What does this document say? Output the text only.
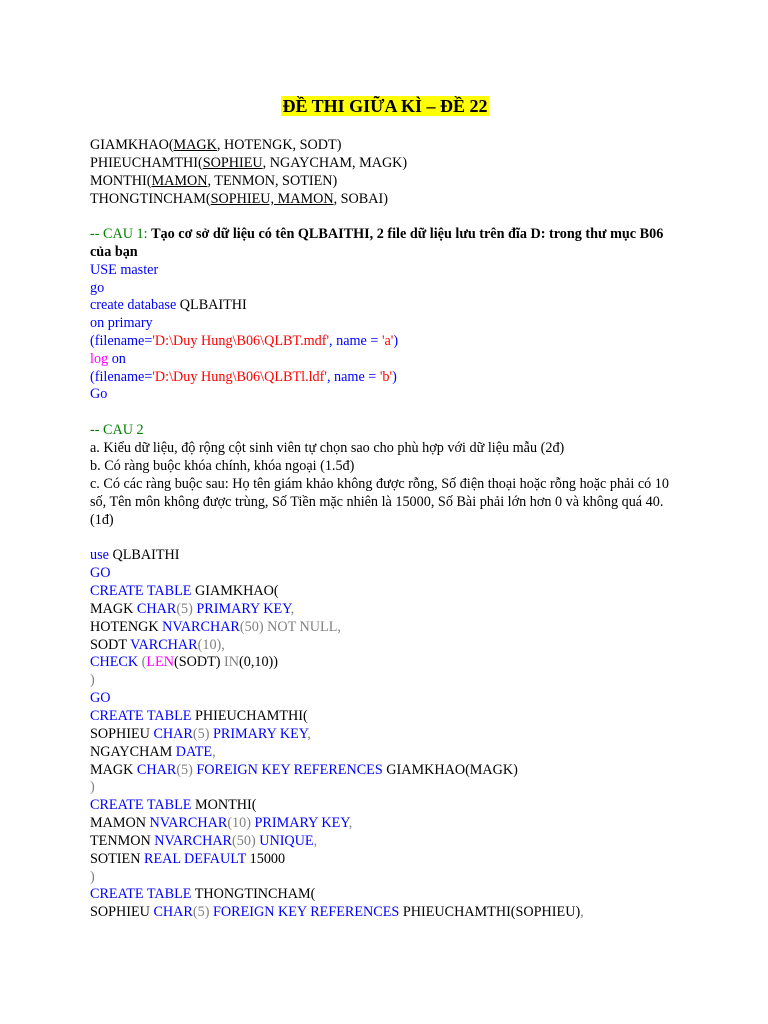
ĐỀ THI GIỮA KÌ – ĐỀ 22
GIAMKHAO(MAGK, HOTENGK, SODT)
PHIEUCHAMTHI(SOPHIEU, NGAYCHAM, MAGK)
MONTHI(MAMON, TENMON, SOTIEN)
THONGTINCHAM(SOPHIEU, MAMON, SOBAI)
-- CAU 1: Tạo cơ sở dữ liệu có tên QLBAITHI, 2 file dữ liệu lưu trên đĩa D: trong thư mục B06 của bạn
USE master
go
create database QLBAITHI
on primary
(filename='D:\Duy Hung\B06\QLBT.mdf', name = 'a')
log on
(filename='D:\Duy Hung\B06\QLBTl.ldf', name = 'b')
Go
-- CAU 2
a. Kiểu dữ liệu, độ rộng cột sinh viên tự chọn sao cho phù hợp với dữ liệu mẫu (2đ)
b. Có ràng buộc khóa chính, khóa ngoại (1.5đ)
c. Có các ràng buộc sau: Họ tên giám khảo không được rỗng, Số điện thoại hoặc rỗng hoặc phải có 10 số, Tên môn không được trùng, Số Tiền mặc nhiên là 15000, Số Bài phải lớn hơn 0 và không quá 40. (1đ)
use QLBAITHI
GO
CREATE TABLE GIAMKHAO(
MAGK CHAR(5) PRIMARY KEY,
HOTENGK NVARCHAR(50) NOT NULL,
SODT VARCHAR(10),
CHECK (LEN(SODT) IN(0,10))
)
GO
CREATE TABLE PHIEUCHAMTHI(
SOPHIEU CHAR(5) PRIMARY KEY,
NGAYCHAM DATE,
MAGK CHAR(5) FOREIGN KEY REFERENCES GIAMKHAO(MAGK)
)
CREATE TABLE MONTHI(
MAMON NVARCHAR(10) PRIMARY KEY,
TENMON NVARCHAR(50) UNIQUE,
SOTIEN REAL DEFAULT 15000
)
CREATE TABLE THONGTINCHAM(
SOPHIEU CHAR(5) FOREIGN KEY REFERENCES PHIEUCHAMTHI(SOPHIEU),
